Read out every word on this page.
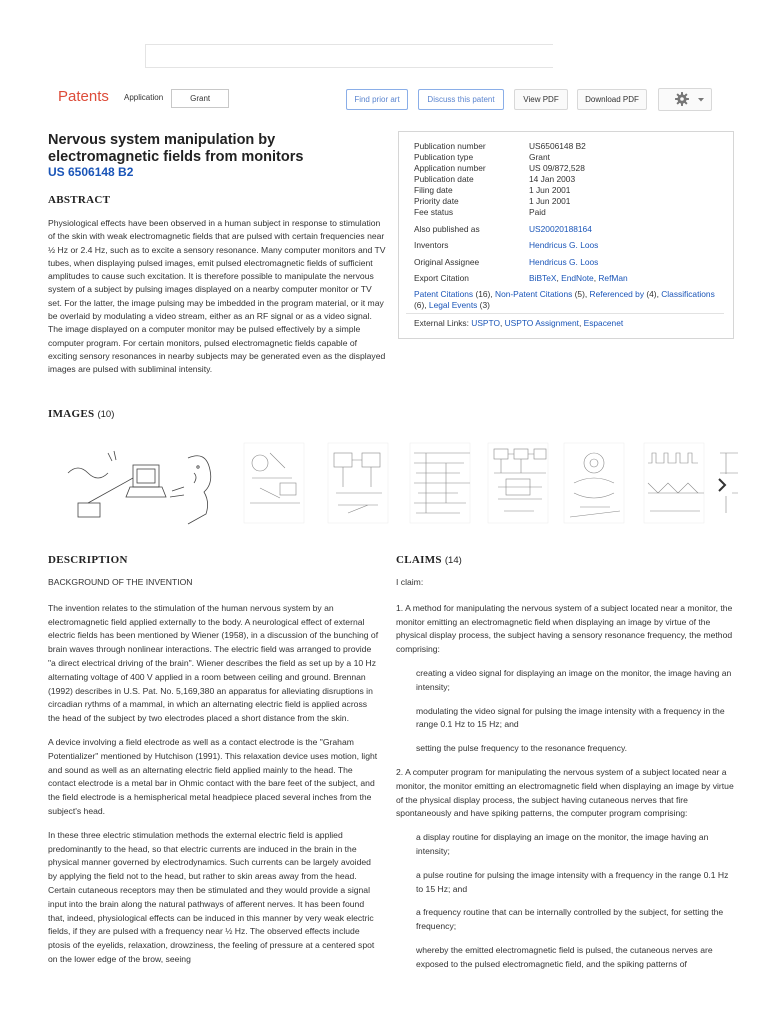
Patents	Application	Grant	Find prior art	Discuss this patent	View PDF	Download PDF
Nervous system manipulation by electromagnetic fields from monitors
US 6506148 B2
ABSTRACT
Physiological effects have been observed in a human subject in response to stimulation of the skin with weak electromagnetic fields that are pulsed with certain frequencies near ½ Hz or 2.4 Hz, such as to excite a sensory resonance. Many computer monitors and TV tubes, when displaying pulsed images, emit pulsed electromagnetic fields of sufficient amplitudes to cause such excitation. It is therefore possible to manipulate the nervous system of a subject by pulsing images displayed on a nearby computer monitor or TV set. For the latter, the image pulsing may be imbedded in the program material, or it may be overlaid by modulating a video stream, either as an RF signal or as a video signal. The image displayed on a computer monitor may be pulsed effectively by a simple computer program. For certain monitors, pulsed electromagnetic fields capable of exciting sensory resonances in nearby subjects may be generated even as the displayed images are pulsed with subliminal intensity.
Publication number	US6506148 B2
Publication type	Grant
Application number	US 09/872,528
Publication date	14 Jan 2003
Filing date	1 Jun 2001
Priority date	1 Jun 2001
Fee status	Paid
Also published as	US20020188164
Inventors	Hendricus G. Loos
Original Assignee	Hendricus G. Loos
Export Citation	BiBTeX, EndNote, RefMan
Patent Citations (16), Non-Patent Citations (5), Referenced by (4), Classifications (6), Legal Events (3)
External Links: USPTO, USPTO Assignment, Espacenet
IMAGES (10)
DESCRIPTION

BACKGROUND OF THE INVENTION

The invention relates to the stimulation of the human nervous system by an electromagnetic field applied externally to the body. A neurological effect of external electric fields has been mentioned by Wiener (1958), in a discussion of the bunching of brain waves through nonlinear interactions. The electric field was arranged to provide "a direct electrical driving of the brain". Wiener describes the field as set up by a 10 Hz alternating voltage of 400 V applied in a room between ceiling and ground. Brennan (1992) describes in U.S. Pat. No. 5,169,380 an apparatus for alleviating disruptions in circadian rythms of a mammal, in which an alternating electric field is applied across the head of the subject by two electrodes placed a short distance from the skin.

A device involving a field electrode as well as a contact electrode is the "Graham Potentializer" mentioned by Hutchison (1991). This relaxation device uses motion, light and sound as well as an alternating electric field applied mainly to the head. The contact electrode is a metal bar in Ohmic contact with the bare feet of the subject, and the field electrode is a hemispherical metal headpiece placed several inches from the subject's head.

In these three electric stimulation methods the external electric field is applied predominantly to the head, so that electric currents are induced in the brain in the physical manner governed by electrodynamics. Such currents can be largely avoided by applying the field not to the head, but rather to skin areas away from the head. Certain cutaneous receptors may then be stimulated and they would provide a signal input into the brain along the natural pathways of afferent nerves. It has been found that, indeed, physiological effects can be induced in this manner by very weak electric fields, if they are pulsed with a frequency near ½ Hz. The observed effects include ptosis of the eyelids, relaxation, drowziness, the feeling of pressure at a centered spot on the lower edge of the brow, seeing

CLAIMS (14)

I claim:

1. A method for manipulating the nervous system of a subject located near a monitor, the monitor emitting an electromagnetic field when displaying an image by virtue of the physical display process, the subject having a sensory resonance frequency, the method comprising:

creating a video signal for displaying an image on the monitor, the image having an intensity;

modulating the video signal for pulsing the image intensity with a frequency in the range 0.1 Hz to 15 Hz; and

setting the pulse frequency to the resonance frequency.

2. A computer program for manipulating the nervous system of a subject located near a monitor, the monitor emitting an electromagnetic field when displaying an image by virtue of the physical display process, the subject having cutaneous nerves that fire spontaneously and have spiking patterns, the computer program comprising:

a display routine for displaying an image on the monitor, the image having an intensity;

a pulse routine for pulsing the image intensity with a frequency in the range 0.1 Hz to 15 Hz; and

a frequency routine that can be internally controlled by the subject, for setting the frequency;

whereby the emitted electromagnetic field is pulsed, the cutaneous nerves are exposed to the pulsed electromagnetic field, and the spiking patterns of
